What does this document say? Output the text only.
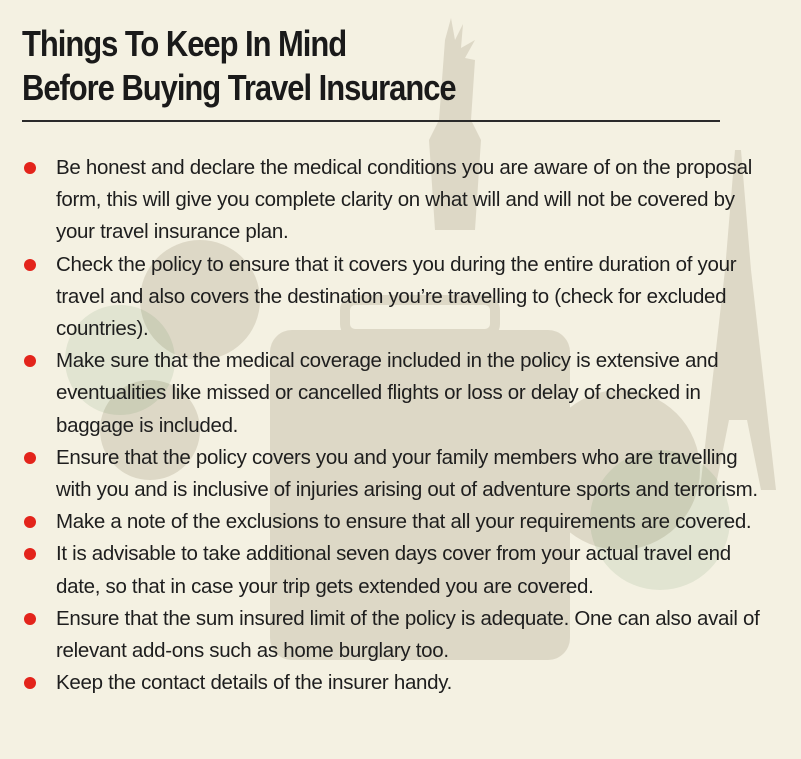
Things To Keep In Mind
Before Buying Travel Insurance
Be honest and declare the medical conditions you are aware of on the proposal form, this will give you complete clarity on what will and will not be covered by your travel insurance plan.
Check the policy to ensure that it covers you during the entire duration of your travel and also covers the destination you’re travelling to (check for excluded countries).
Make sure that the medical coverage included in the policy is extensive and eventualities like missed or cancelled flights or loss or delay of checked in baggage is included.
Ensure that the policy covers you and your family members who are travelling with you and is inclusive of injuries arising out of adventure sports and terrorism.
Make a note of the exclusions to ensure that all your requirements are covered.
It is advisable to take additional seven days cover from your actual travel end date, so that in case your trip gets extended you are covered.
Ensure that the sum insured limit of the policy is adequate. One can also avail of relevant add-ons such as home burglary too.
Keep the contact details of the insurer handy.
